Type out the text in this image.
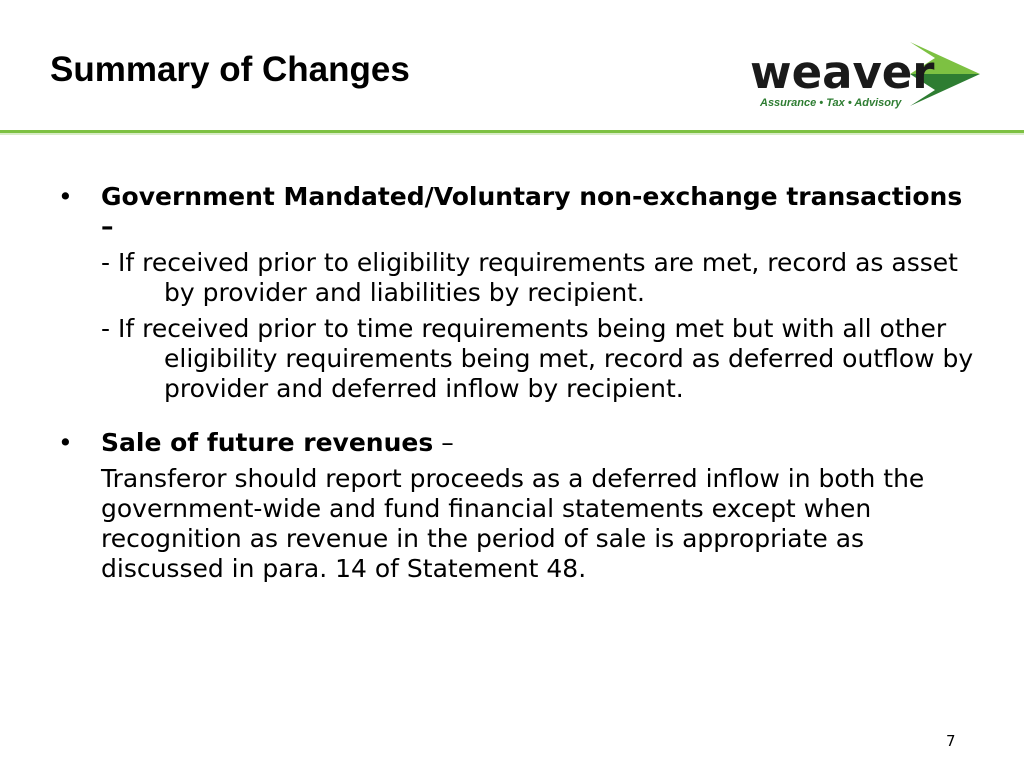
Summary of Changes	weaver
Assurance • Tax • Advisory
• Government Mandated/Voluntary non-exchange transactions –
- If received prior to eligibility requirements are met, record as asset by provider and liabilities by recipient.
- If received prior to time requirements being met but with all other eligibility requirements being met, record as deferred outflow by provider and deferred inflow by recipient.
• Sale of future revenues –
Transferor should report proceeds as a deferred inflow in both the government-wide and fund financial statements except when recognition as revenue in the period of sale is appropriate as discussed in para. 14 of Statement 48.
7
